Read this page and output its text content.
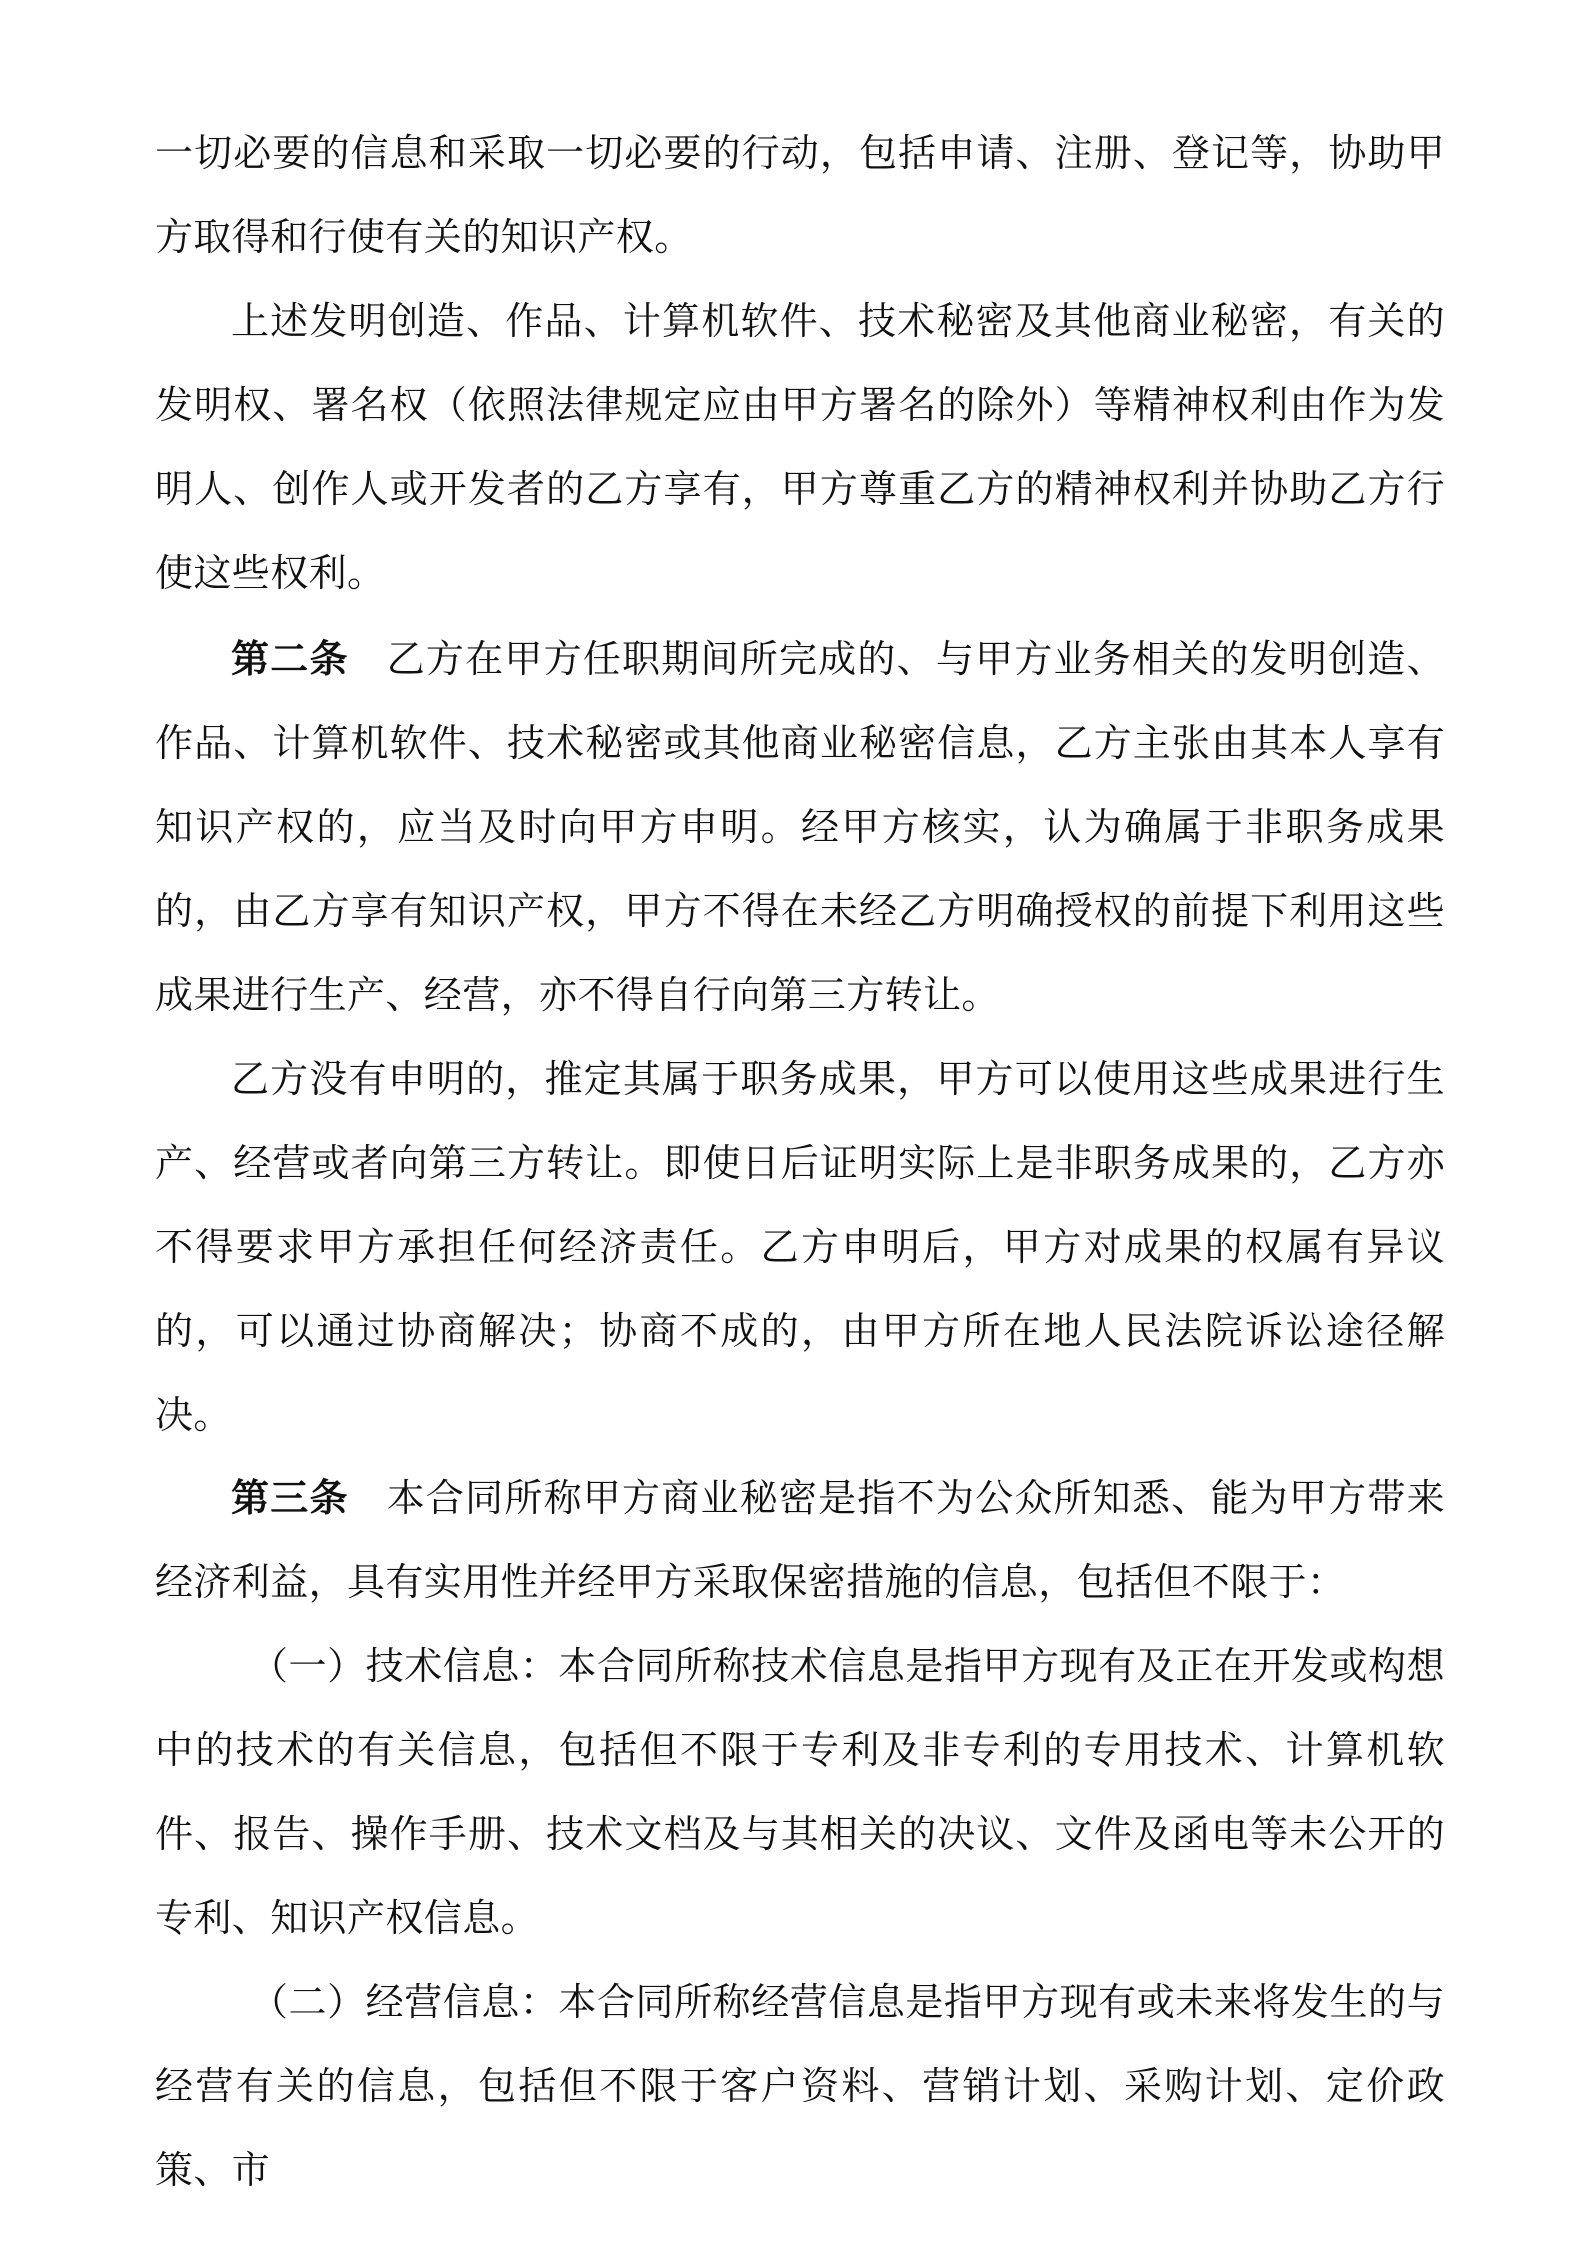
一切必要的信息和采取一切必要的行动，包括申请、注册、登记等，协助甲方取得和行使有关的知识产权。

上述发明创造、作品、计算机软件、技术秘密及其他商业秘密，有关的发明权、署名权（依照法律规定应由甲方署名的除外）等精神权利由作为发明人、创作人或开发者的乙方享有，甲方尊重乙方的精神权利并协助乙方行使这些权利。

第二条 乙方在甲方任职期间所完成的、与甲方业务相关的发明创造、作品、计算机软件、技术秘密或其他商业秘密信息，乙方主张由其本人享有知识产权的，应当及时向甲方申明。经甲方核实，认为确属于非职务成果的，由乙方享有知识产权，甲方不得在未经乙方明确授权的前提下利用这些成果进行生产、经营，亦不得自行向第三方转让。

乙方没有申明的，推定其属于职务成果，甲方可以使用这些成果进行生产、经营或者向第三方转让。即使日后证明实际上是非职务成果的，乙方亦不得要求甲方承担任何经济责任。乙方申明后，甲方对成果的权属有异议的，可以通过协商解决；协商不成的，由甲方所在地人民法院诉讼途径解决。

第三条 本合同所称甲方商业秘密是指不为公众所知悉、能为甲方带来经济利益，具有实用性并经甲方采取保密措施的信息，包括但不限于：

（一）技术信息：本合同所称技术信息是指甲方现有及正在开发或构想中的技术的有关信息，包括但不限于专利及非专利的专用技术、计算机软件、报告、操作手册、技术文档及与其相关的决议、文件及函电等未公开的专利、知识产权信息。

（二）经营信息：本合同所称经营信息是指甲方现有或未来将发生的与经营有关的信息，包括但不限于客户资料、营销计划、采购计划、定价政策、市
